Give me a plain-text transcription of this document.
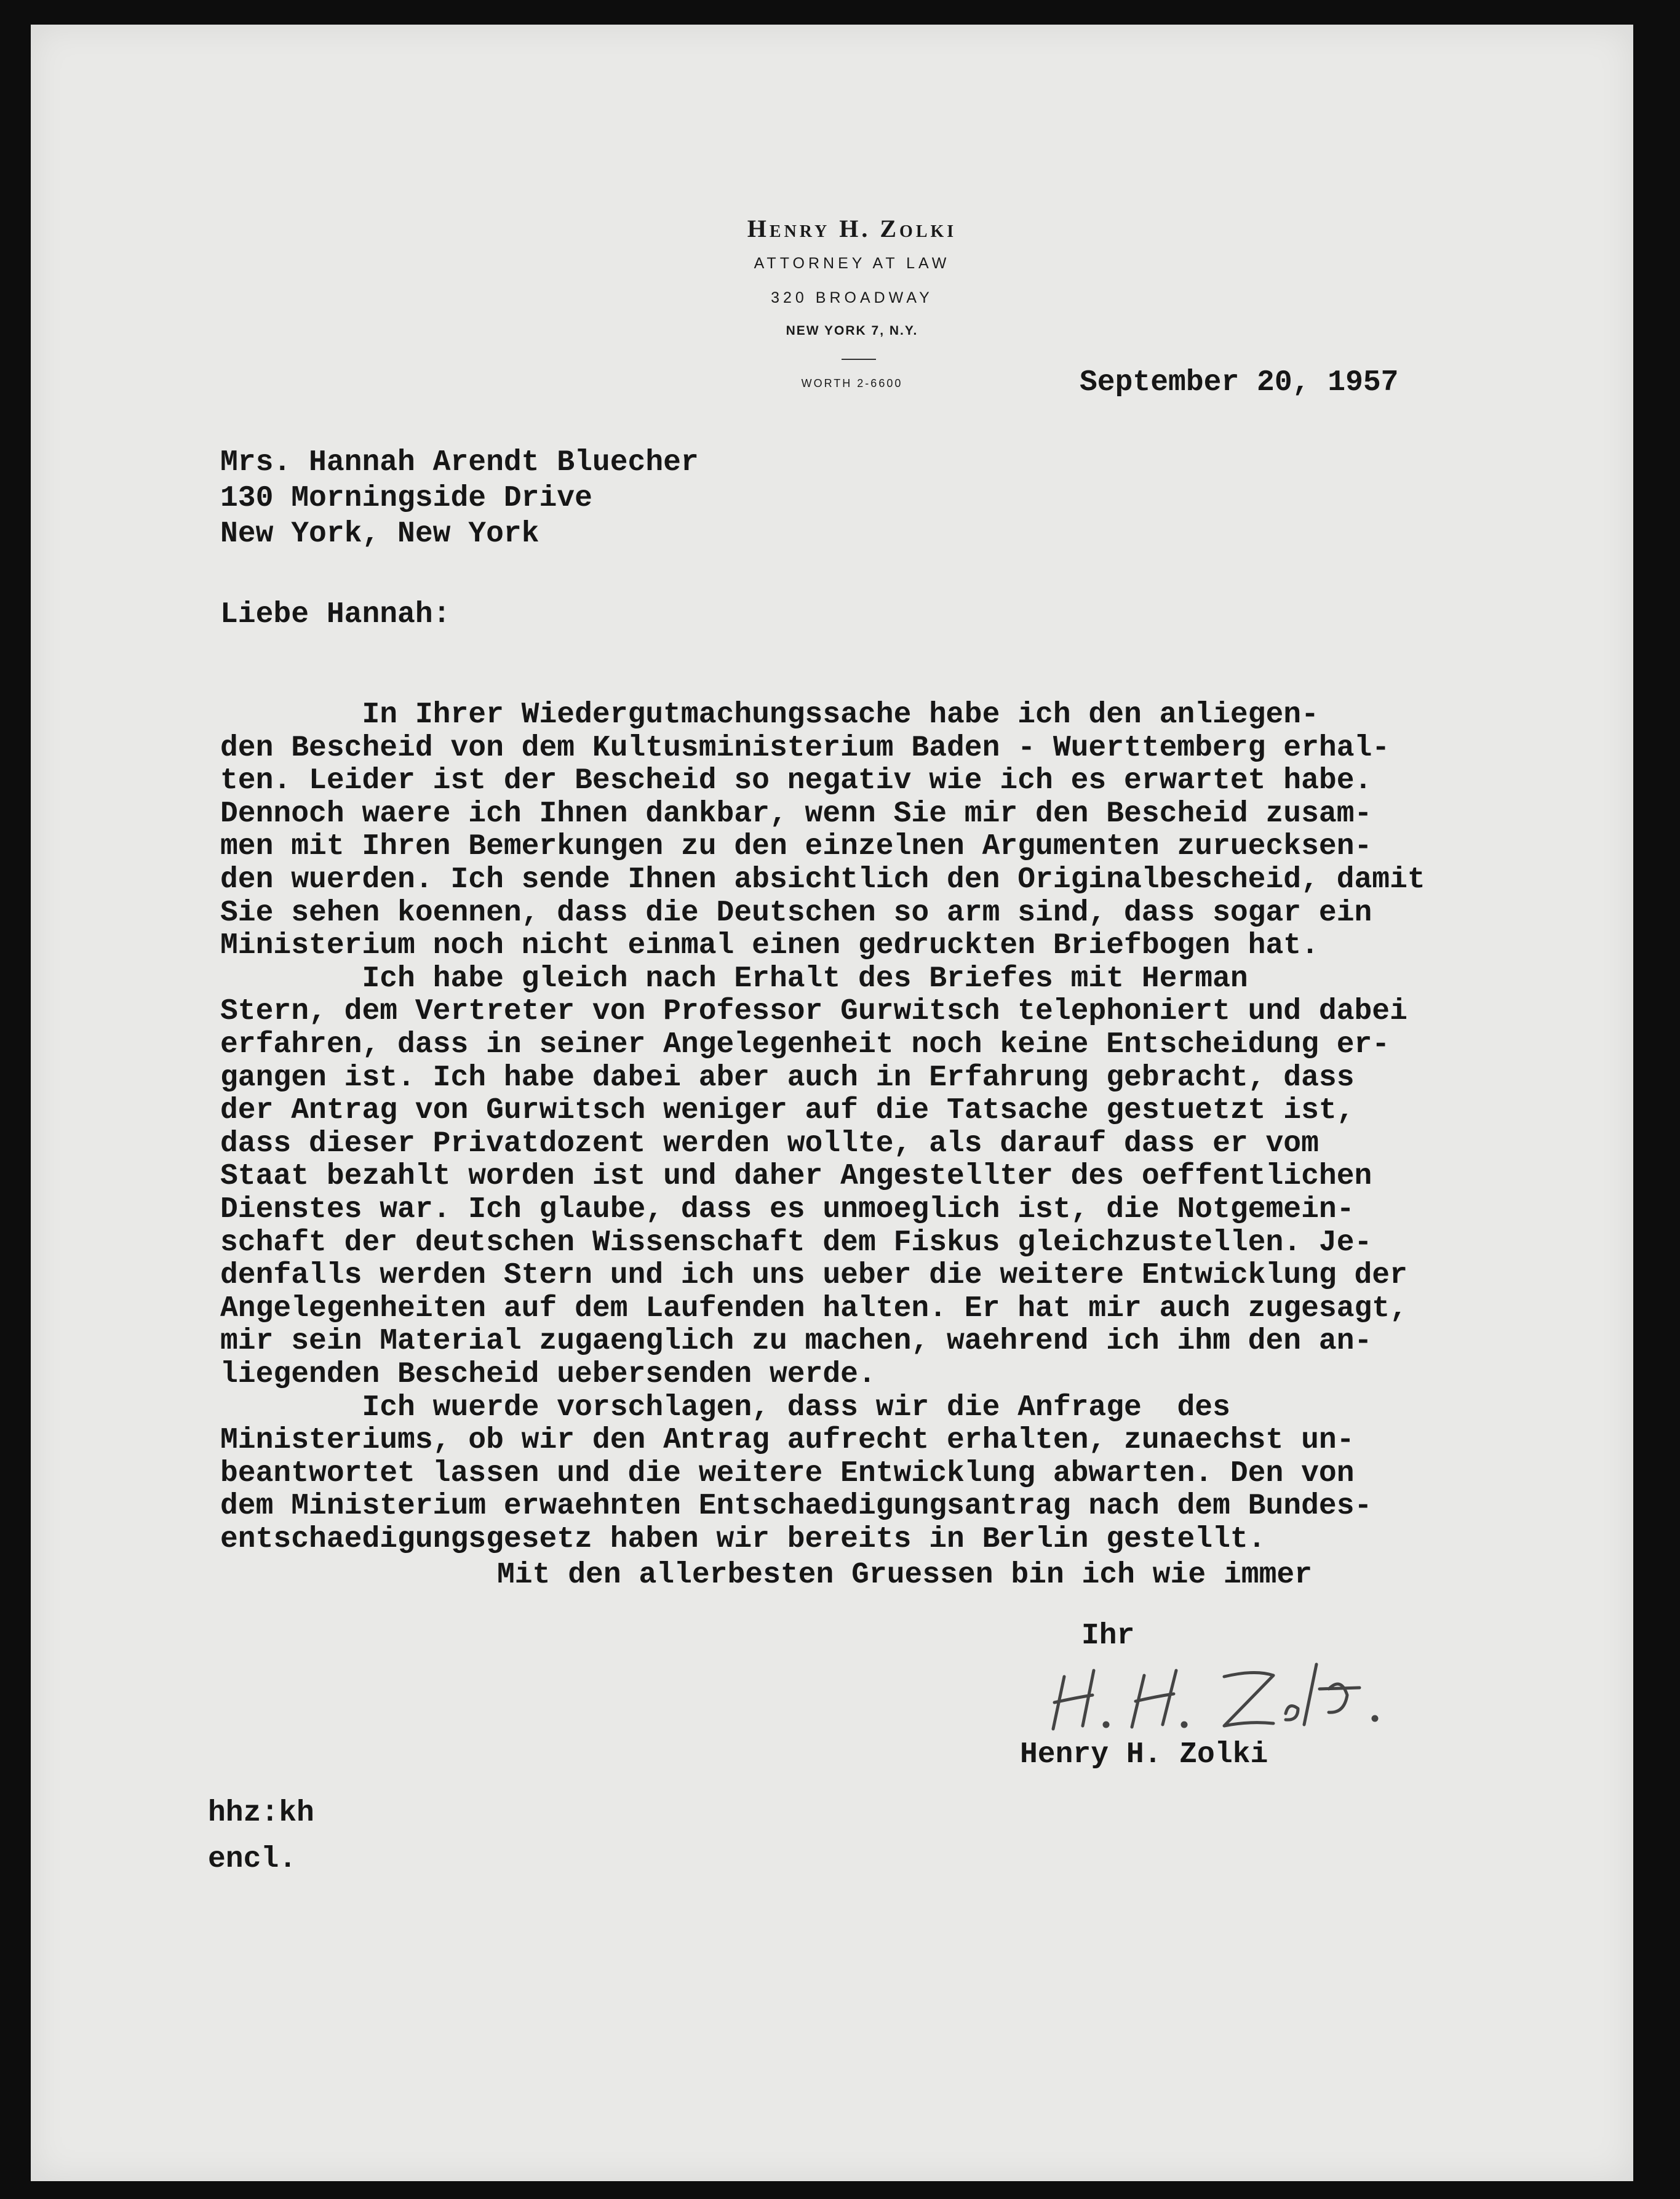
Henry H. Zolki
ATTORNEY AT LAW
320 BROADWAY
NEW YORK 7, N.Y.
WORTH 2-6600	September 20, 1957
Mrs. Hannah Arendt Bluecher
130 Morningside Drive
New York, New York
Liebe Hannah:
In Ihrer Wiedergutmachungssache habe ich den anliegen-
den Bescheid von dem Kultusministerium Baden - Wuerttemberg erhal-
ten. Leider ist der Bescheid so negativ wie ich es erwartet habe.
Dennoch waere ich Ihnen dankbar, wenn Sie mir den Bescheid zusam-
men mit Ihren Bemerkungen zu den einzelnen Argumenten zuruecksen-
den wuerden. Ich sende Ihnen absichtlich den Originalbescheid, damit
Sie sehen koennen, dass die Deutschen so arm sind, dass sogar ein
Ministerium noch nicht einmal einen gedruckten Briefbogen hat.
Ich habe gleich nach Erhalt des Briefes mit Herman
Stern, dem Vertreter von Professor Gurwitsch telephoniert und dabei
erfahren, dass in seiner Angelegenheit noch keine Entscheidung er-
gangen ist. Ich habe dabei aber auch in Erfahrung gebracht, dass
der Antrag von Gurwitsch weniger auf die Tatsache gestuetzt ist,
dass dieser Privatdozent werden wollte, als darauf dass er vom
Staat bezahlt worden ist und daher Angestellter des oeffentlichen
Dienstes war. Ich glaube, dass es unmoeglich ist, die Notgemein-
schaft der deutschen Wissenschaft dem Fiskus gleichzustellen. Je-
denfalls werden Stern und ich uns ueber die weitere Entwicklung der
Angelegenheiten auf dem Laufenden halten. Er hat mir auch zugesagt,
mir sein Material zugaenglich zu machen, waehrend ich ihm den an-
liegenden Bescheid uebersenden werde.
Ich wuerde vorschlagen, dass wir die Anfrage  des
Ministeriums, ob wir den Antrag aufrecht erhalten, zunaechst un-
beantwortet lassen und die weitere Entwicklung abwarten. Den von
dem Ministerium erwaehnten Entschaedigungsantrag nach dem Bundes-
entschaedigungsgesetz haben wir bereits in Berlin gestellt.
Mit den allerbesten Gruessen bin ich wie immer
Ihr
Henry H. Zolki
hhz:kh
encl.
